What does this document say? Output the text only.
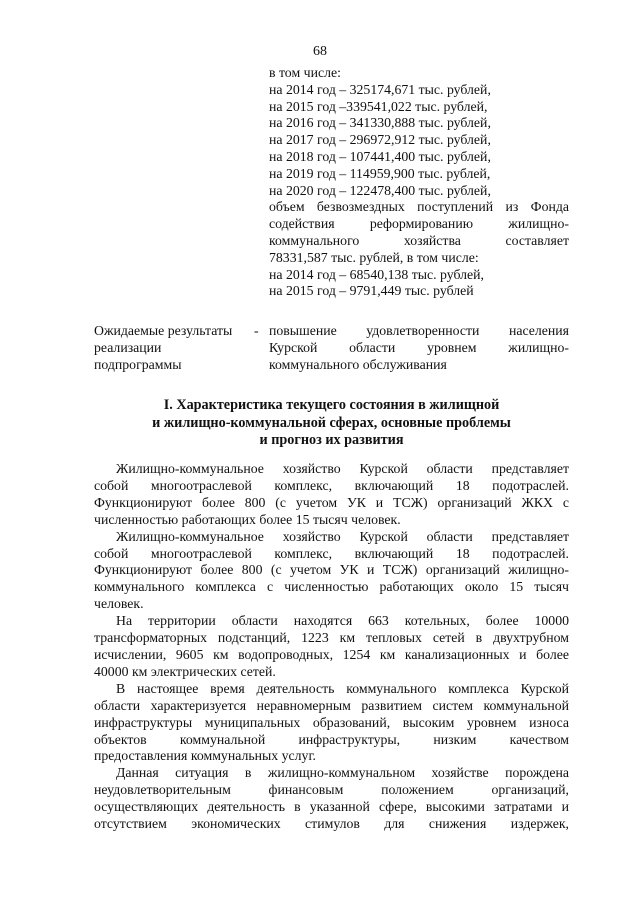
68
в том числе:
на 2014 год – 325174,671 тыс. рублей,
на 2015 год –339541,022 тыс. рублей,
на 2016 год – 341330,888 тыс. рублей,
на 2017 год – 296972,912 тыс. рублей,
на 2018 год – 107441,400 тыс. рублей,
на 2019 год – 114959,900 тыс. рублей,
на 2020 год – 122478,400 тыс. рублей,
объем безвозмездных поступлений из Фонда
содействия реформированию жилищно-
коммунального хозяйства составляет
78331,587 тыс. рублей, в том числе:
на 2014 год – 68540,138 тыс. рублей,
на 2015 год – 9791,449 тыс. рублей
Ожидаемые результаты
реализации
подпрограммы
- повышение удовлетворенности населения
Курской области уровнем жилищно-
коммунального обслуживания
I. Характеристика текущего состояния в жилищной
и жилищно-коммунальной сферах, основные проблемы
и прогноз их развития
Жилищно-коммунальное хозяйство Курской области представляет
собой многоотраслевой комплекс, включающий 18 подотраслей.
Функционируют более 800 (с учетом УК и ТСЖ) организаций ЖКХ с
численностью работающих более 15 тысяч человек.
Жилищно-коммунальное хозяйство Курской области представляет
собой многоотраслевой комплекс, включающий 18 подотраслей.
Функционируют более 800 (с учетом УК и ТСЖ) организаций жилищно-
коммунального комплекса с численностью работающих около 15 тысяч
человек.
На территории области находятся 663 котельных, более 10000
трансформаторных подстанций, 1223 км тепловых сетей в двухтрубном
исчислении, 9605 км водопроводных, 1254 км канализационных и более
40000 км электрических сетей.
В настоящее время деятельность коммунального комплекса Курской
области характеризуется неравномерным развитием систем коммунальной
инфраструктуры муниципальных образований, высоким уровнем износа
объектов коммунальной инфраструктуры, низким качеством
предоставления коммунальных услуг.
Данная ситуация в жилищно-коммунальном хозяйстве порождена
неудовлетворительным финансовым положением организаций,
осуществляющих деятельность в указанной сфере, высокими затратами и
отсутствием экономических стимулов для снижения издержек,
